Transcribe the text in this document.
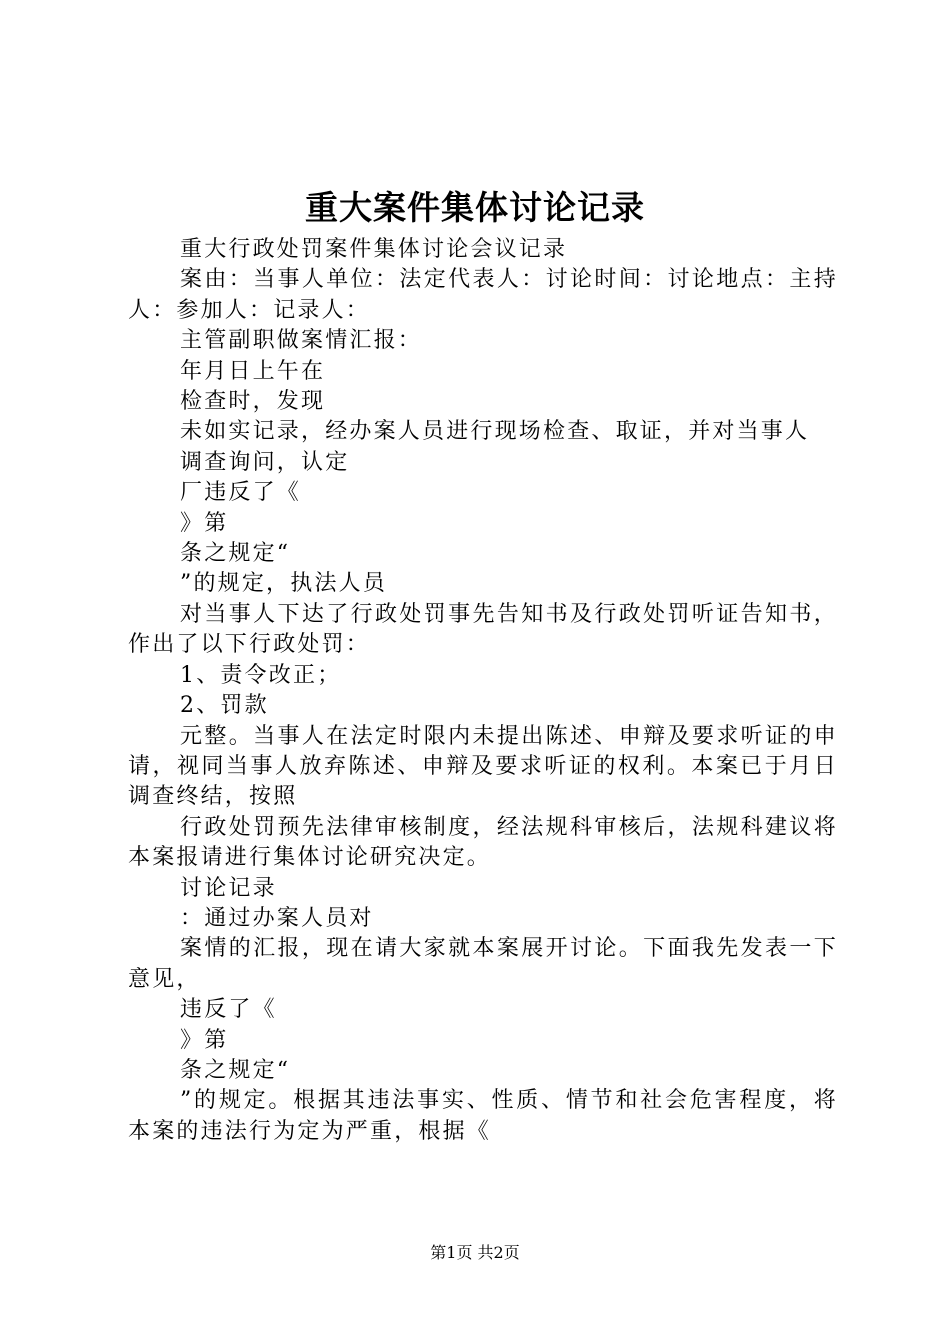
重大案件集体讨论记录

重大行政处罚案件集体讨论会议记录

案由：当事人单位：法定代表人：讨论时间：讨论地点：主持人：参加人：记录人：

主管副职做案情汇报：

年月日上午在

检查时，发现

未如实记录，经办案人员进行现场检查、取证，并对当事人

调查询问，认定

厂违反了《

》第

条之规定“

”的规定，执法人员

对当事人下达了行政处罚事先告知书及行政处罚听证告知书，作出了以下行政处罚：

1、责令改正；

2、罚款

元整。当事人在法定时限内未提出陈述、申辩及要求听证的申请，视同当事人放弃陈述、申辩及要求听证的权利。本案已于月日调查终结，按照

行政处罚预先法律审核制度，经法规科审核后，法规科建议将本案报请进行集体讨论研究决定。

讨论记录

：通过办案人员对

案情的汇报，现在请大家就本案展开讨论。下面我先发表一下意见，

违反了《

》第

条之规定“

”的规定。根据其违法事实、性质、情节和社会危害程度，将本案的违法行为定为严重，根据《

第1页 共2页
